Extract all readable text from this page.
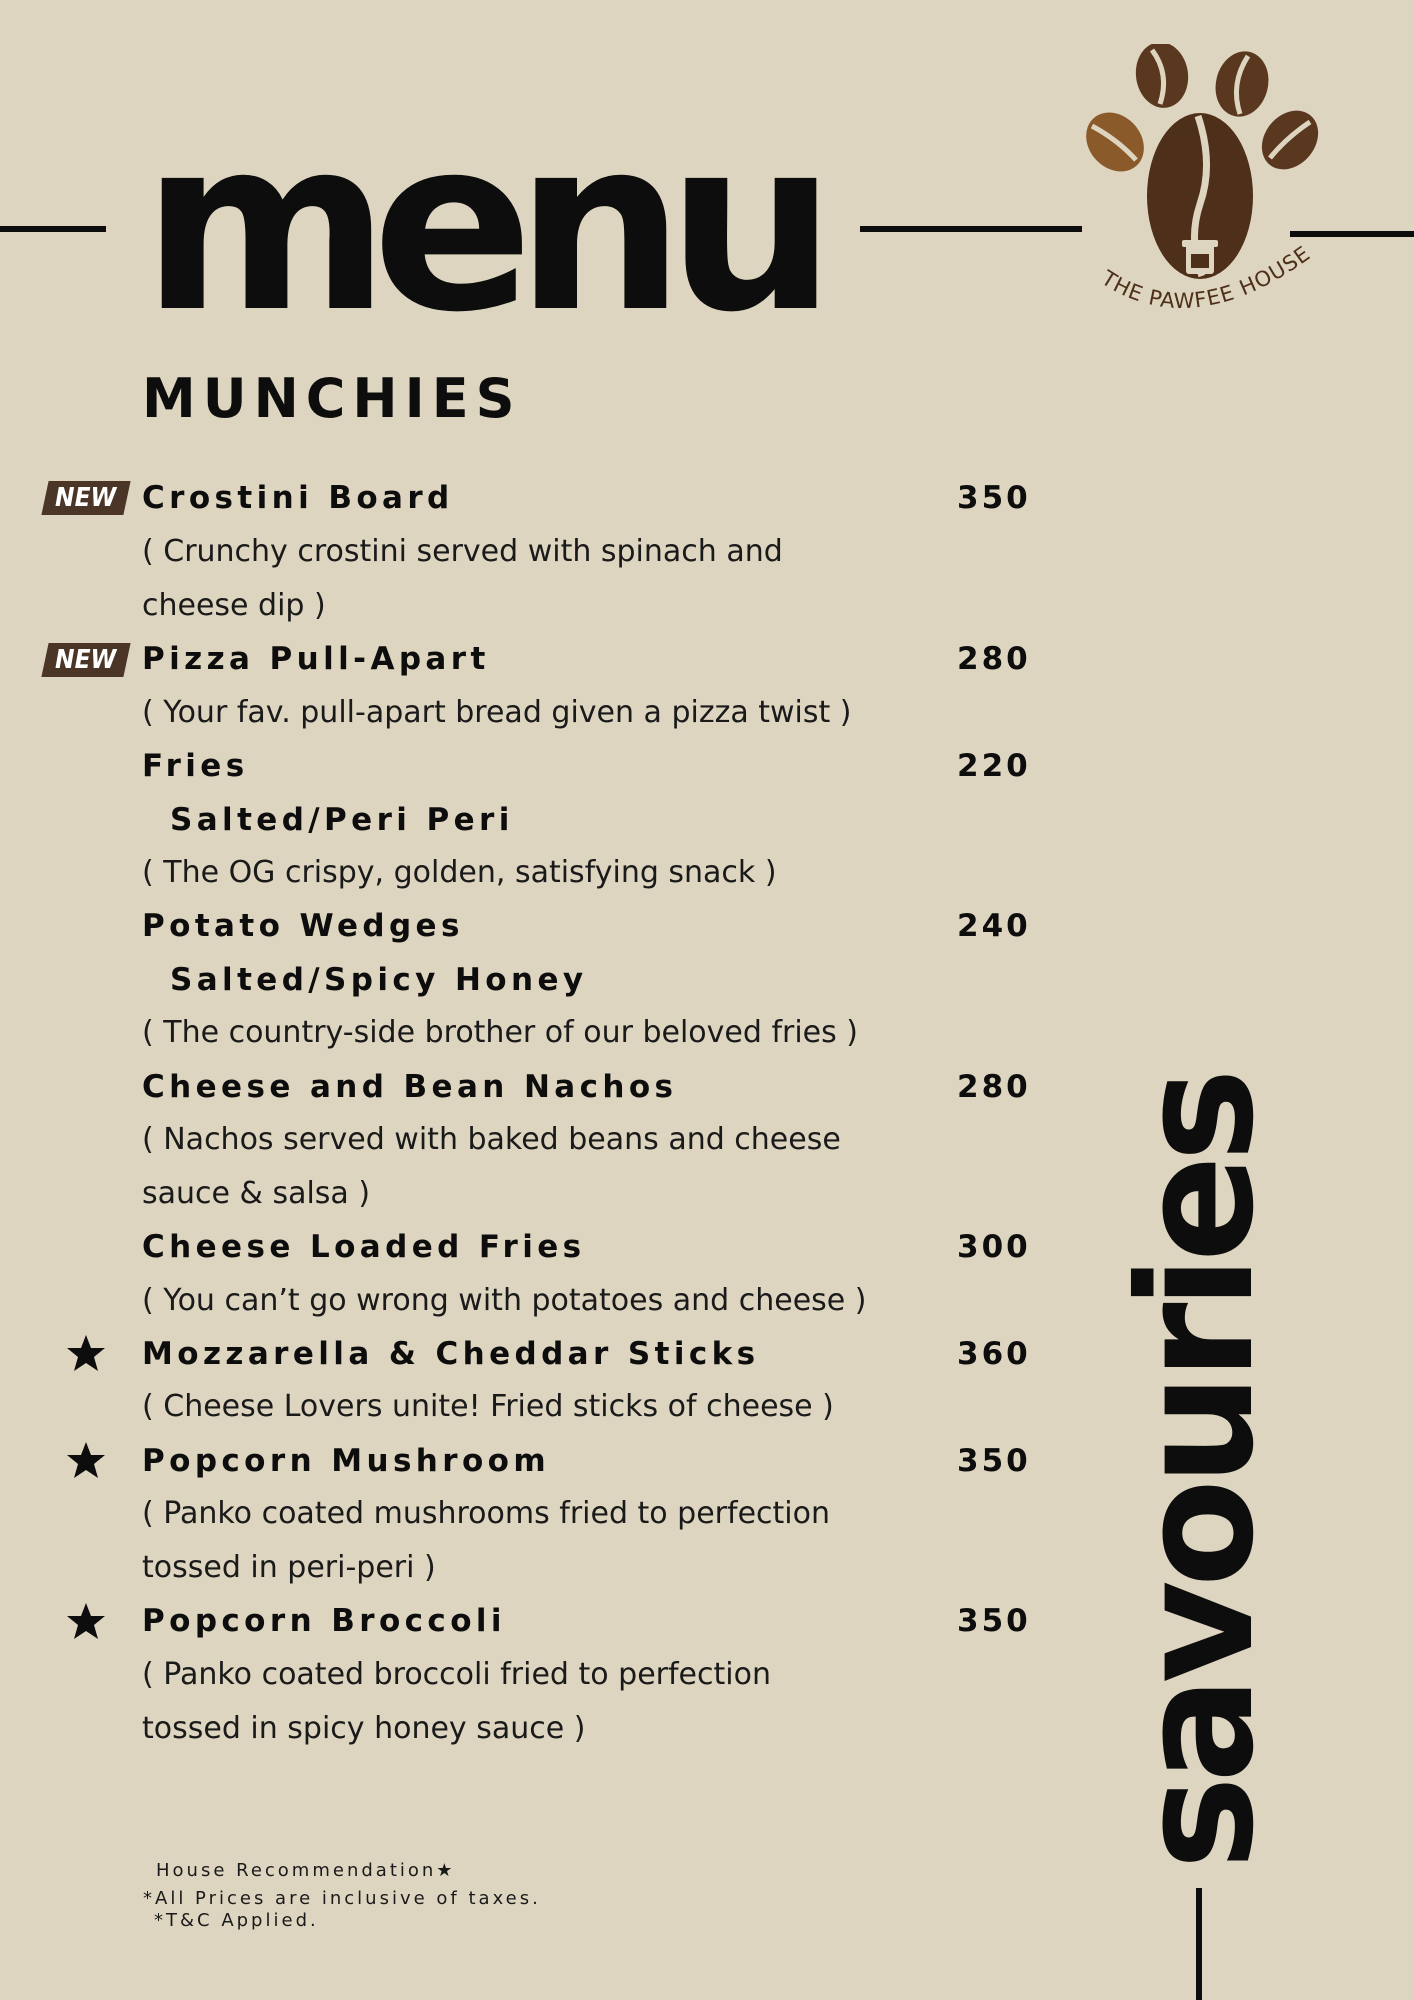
menu	THE PAWFEE HOUSE
MUNCHIES
NEW
NEW
Crostini Board	350
( Crunchy crostini served with spinach and cheese dip )
Pizza Pull-Apart	280
( Your fav. pull-apart bread given a pizza twist )
Fries	220
Salted/Peri Peri
( The OG crispy, golden, satisfying snack )
Potato Wedges	240
Salted/Spicy Honey
( The country-side brother of our beloved fries )
Cheese and Bean Nachos	280
( Nachos served with baked beans and cheese sauce & salsa )
Cheese Loaded Fries	300
( You can’t go wrong with potatoes and cheese )
Mozzarella & Cheddar Sticks	360
( Cheese Lovers unite! Fried sticks of cheese )
Popcorn Mushroom	350
( Panko coated mushrooms fried to perfection tossed in peri-peri )
Popcorn Broccoli	350
( Panko coated broccoli fried to perfection tossed in spicy honey sauce )	savouries
House Recommendation★
*All Prices are inclusive of taxes.
*T&C Applied.
